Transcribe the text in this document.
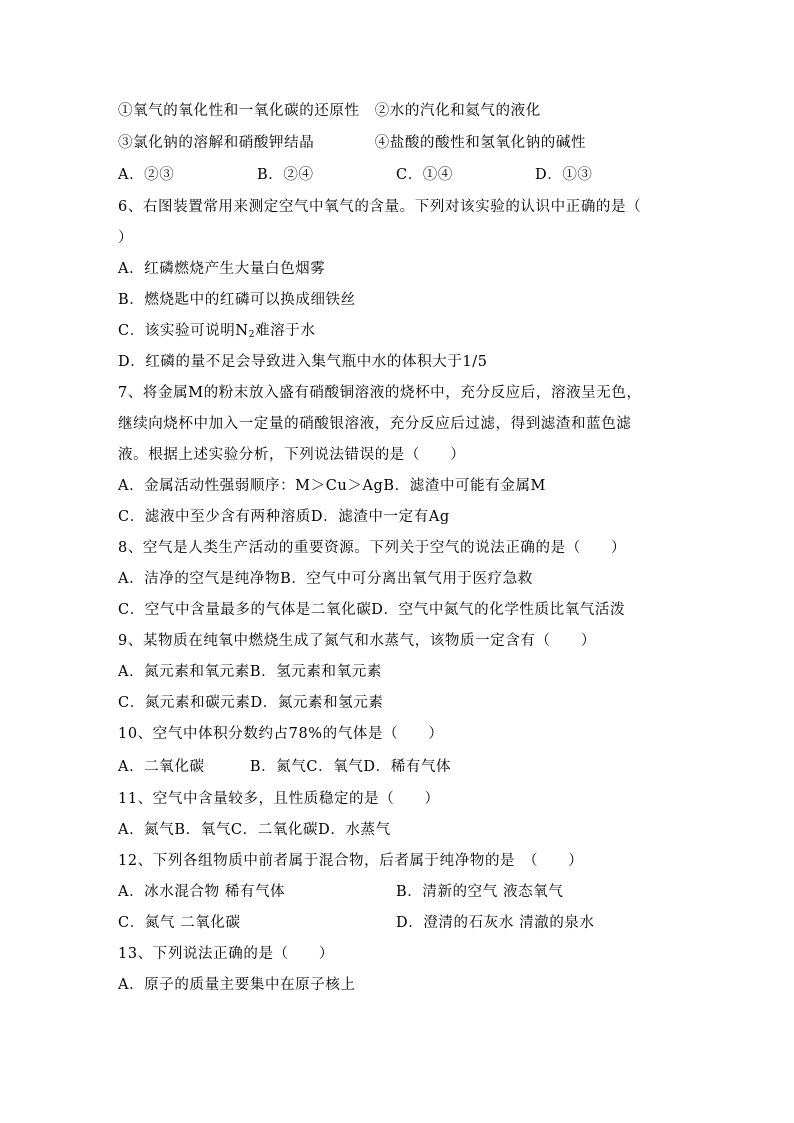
①氧气的氧化性和一氧化碳的还原性　②水的汽化和氦气的液化
③氯化钠的溶解和硝酸钾结晶　　　　④盐酸的酸性和氢氧化钠的碱性
A．②③	B．②④	C．①④	D．①③
6、右图装置常用来测定空气中氧气的含量。下列对该实验的认识中正确的是（
）
A．红磷燃烧产生大量白色烟雾
B．燃烧匙中的红磷可以换成细铁丝
C．该实验可说明$N_2$难溶于水
D．红磷的量不足会导致进入集气瓶中水的体积大于1/5
7、将金属M的粉末放入盛有硝酸铜溶液的烧杯中，充分反应后，溶液呈无色，
继续向烧杯中加入一定量的硝酸银溶液，充分反应后过滤，得到滤渣和蓝色滤
液。根据上述实验分析，下列说法错误的是（　　）
A．金属活动性强弱顺序：M＞Cu＞AgB．滤渣中可能有金属M
C．滤液中至少含有两种溶质D．滤渣中一定有Ag
8、空气是人类生产活动的重要资源。下列关于空气的说法正确的是（　　）
A．洁净的空气是纯净物B．空气中可分离出氧气用于医疗急救
C．空气中含量最多的气体是二氧化碳D．空气中氮气的化学性质比氧气活泼
9、某物质在纯氧中燃烧生成了氮气和水蒸气，该物质一定含有（　　）
A．氮元素和氧元素B．氢元素和氧元素
C．氮元素和碳元素D．氮元素和氢元素
10、空气中体积分数约占78%的气体是（　　）
A．二氧化碳　　　B．氮气C．氧气D．稀有气体
11、空气中含量较多，且性质稳定的是（　　）
A．氮气B．氧气C．二氧化碳D．水蒸气
12、下列各组物质中前者属于混合物，后者属于纯净物的是　（　　）
A．冰水混合物 稀有气体	B．清新的空气 液态氧气
C．氮气 二氧化碳	D．澄清的石灰水 清澈的泉水
13、下列说法正确的是（　　）
A．原子的质量主要集中在原子核上
